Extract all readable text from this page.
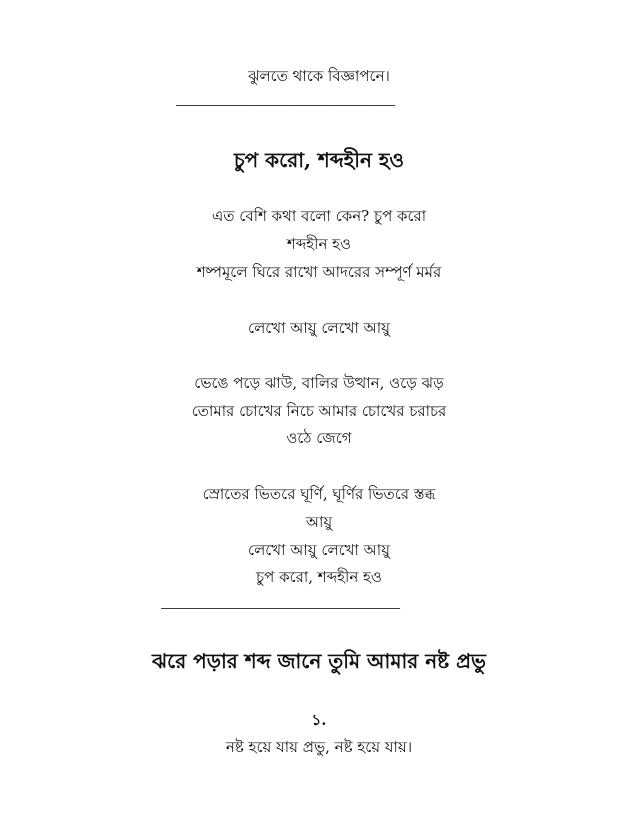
ঝুলতে থাকে বিজ্ঞাপনে।
—————————————————————————————————
চুপ করো, শব্দহীন হও
এত বেশি কথা বলো কেন? চুপ করো
শব্দহীন হও
শষ্পমূলে ঘিরে রাখো আদরের সম্পূর্ণ মর্মর
লেখো আয়ু লেখো আয়ু
ভেঙে পড়ে ঝাউ, বালির উত্থান, ওড়ে ঝড়
তোমার চোখের নিচে আমার চোখের চরাচর
ওঠে জেগে
স্রোতের ভিতরে ঘূর্ণি, ঘূর্ণির ভিতরে স্তব্ধ
আয়ু
লেখো আয়ু লেখো আয়ু
চুপ করো, শব্দহীন হও
————————————————————————————————————
ঝরে পড়ার শব্দ জানে তুমি আমার নষ্ট প্রভু
১.
নষ্ট হয়ে যায় প্রভু, নষ্ট হয়ে যায়।
